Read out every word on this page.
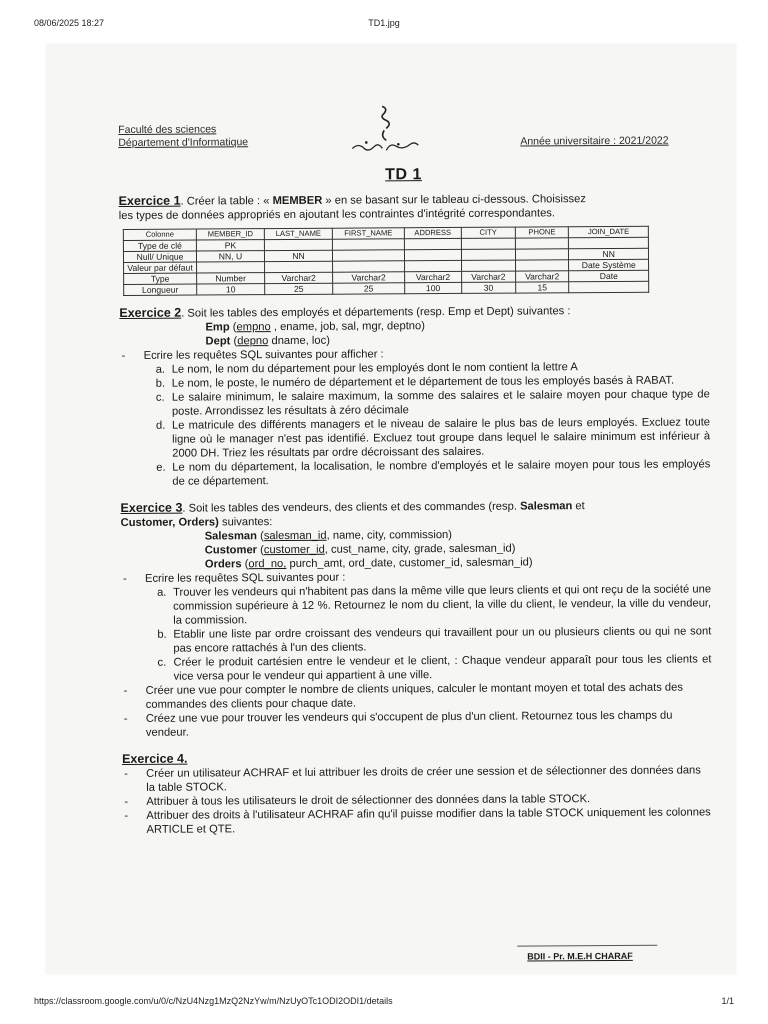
08/06/2025 18:27	TD1.jpg
Faculté des sciences
Département d'Informatique	Année universitaire : 2021/2022
TD 1

Exercice 1. Créer la table : « MEMBER » en se basant sur le tableau ci-dessous. Choisissez

les types de données appropriés en ajoutant les contraintes d'intégrité correspondantes.

Colonne	MEMBER_ID	LAST_NAME	FIRST_NAME	ADDRESS	CITY	PHONE	JOIN_DATE
Type de clé	PK						
Null/ Unique	NN, U	NN					NN
Valeur par défaut							Date Système
Type	Number	Varchar2	Varchar2	Varchar2	Varchar2	Varchar2	Date
Longueur	10	25	25	100	30	15	

Exercice 2. Soit les tables des employés et départements (resp. Emp et Dept) suivantes :

Emp (empno , ename, job, sal, mgr, deptno)
Dept (depno dname, loc)
- Ecrire les requêtes SQL suivantes pour afficher :
a. Le nom, le nom du département pour les employés dont le nom contient la lettre A
b. Le nom, le poste, le numéro de département et le département de tous les employés basés à RABAT.
c. Le salaire minimum, le salaire maximum, la somme des salaires et le salaire moyen pour chaque type de poste. Arrondissez les résultats à zéro décimale
d. Le matricule des différents managers et le niveau de salaire le plus bas de leurs employés. Excluez toute ligne où le manager n'est pas identifié. Excluez tout groupe dans lequel le salaire minimum est inférieur à 2000 DH. Triez les résultats par ordre décroissant des salaires.
e. Le nom du département, la localisation, le nombre d'employés et le salaire moyen pour tous les employés de ce département.

Exercice 3. Soit les tables des vendeurs, des clients et des commandes (resp. Salesman et

Customer, Orders) suivantes:

Salesman (salesman_id, name, city, commission)
Customer (customer_id, cust_name, city, grade, salesman_id)
Orders (ord_no, purch_amt, ord_date, customer_id, salesman_id)
- Ecrire les requêtes SQL suivantes pour :
a. Trouver les vendeurs qui n'habitent pas dans la même ville que leurs clients et qui ont reçu de la société une commission supérieure à 12 %. Retournez le nom du client, la ville du client, le vendeur, la ville du vendeur, la commission.
b. Etablir une liste par ordre croissant des vendeurs qui travaillent pour un ou plusieurs clients ou qui ne sont pas encore rattachés à l'un des clients.
c. Créer le produit cartésien entre le vendeur et le client, : Chaque vendeur apparaît pour tous les clients et vice versa pour le vendeur qui appartient à une ville.
- Créer une vue pour compter le nombre de clients uniques, calculer le montant moyen et total des achats des commandes des clients pour chaque date.
- Créez une vue pour trouver les vendeurs qui s'occupent de plus d'un client. Retournez tous les champs du vendeur.

Exercice 4.

- Créer un utilisateur ACHRAF et lui attribuer les droits de créer une session et de sélectionner des données dans la table STOCK.
- Attribuer à tous les utilisateurs le droit de sélectionner des données dans la table STOCK.
- Attribuer des droits à l'utilisateur ACHRAF afin qu'il puisse modifier dans la table STOCK uniquement les colonnes ARTICLE et QTE.
BDII - Pr. M.E.H CHARAF
https://classroom.google.com/u/0/c/NzU4Nzg1MzQ2NzYw/m/NzUyOTc1ODI2ODI1/details	1/1
